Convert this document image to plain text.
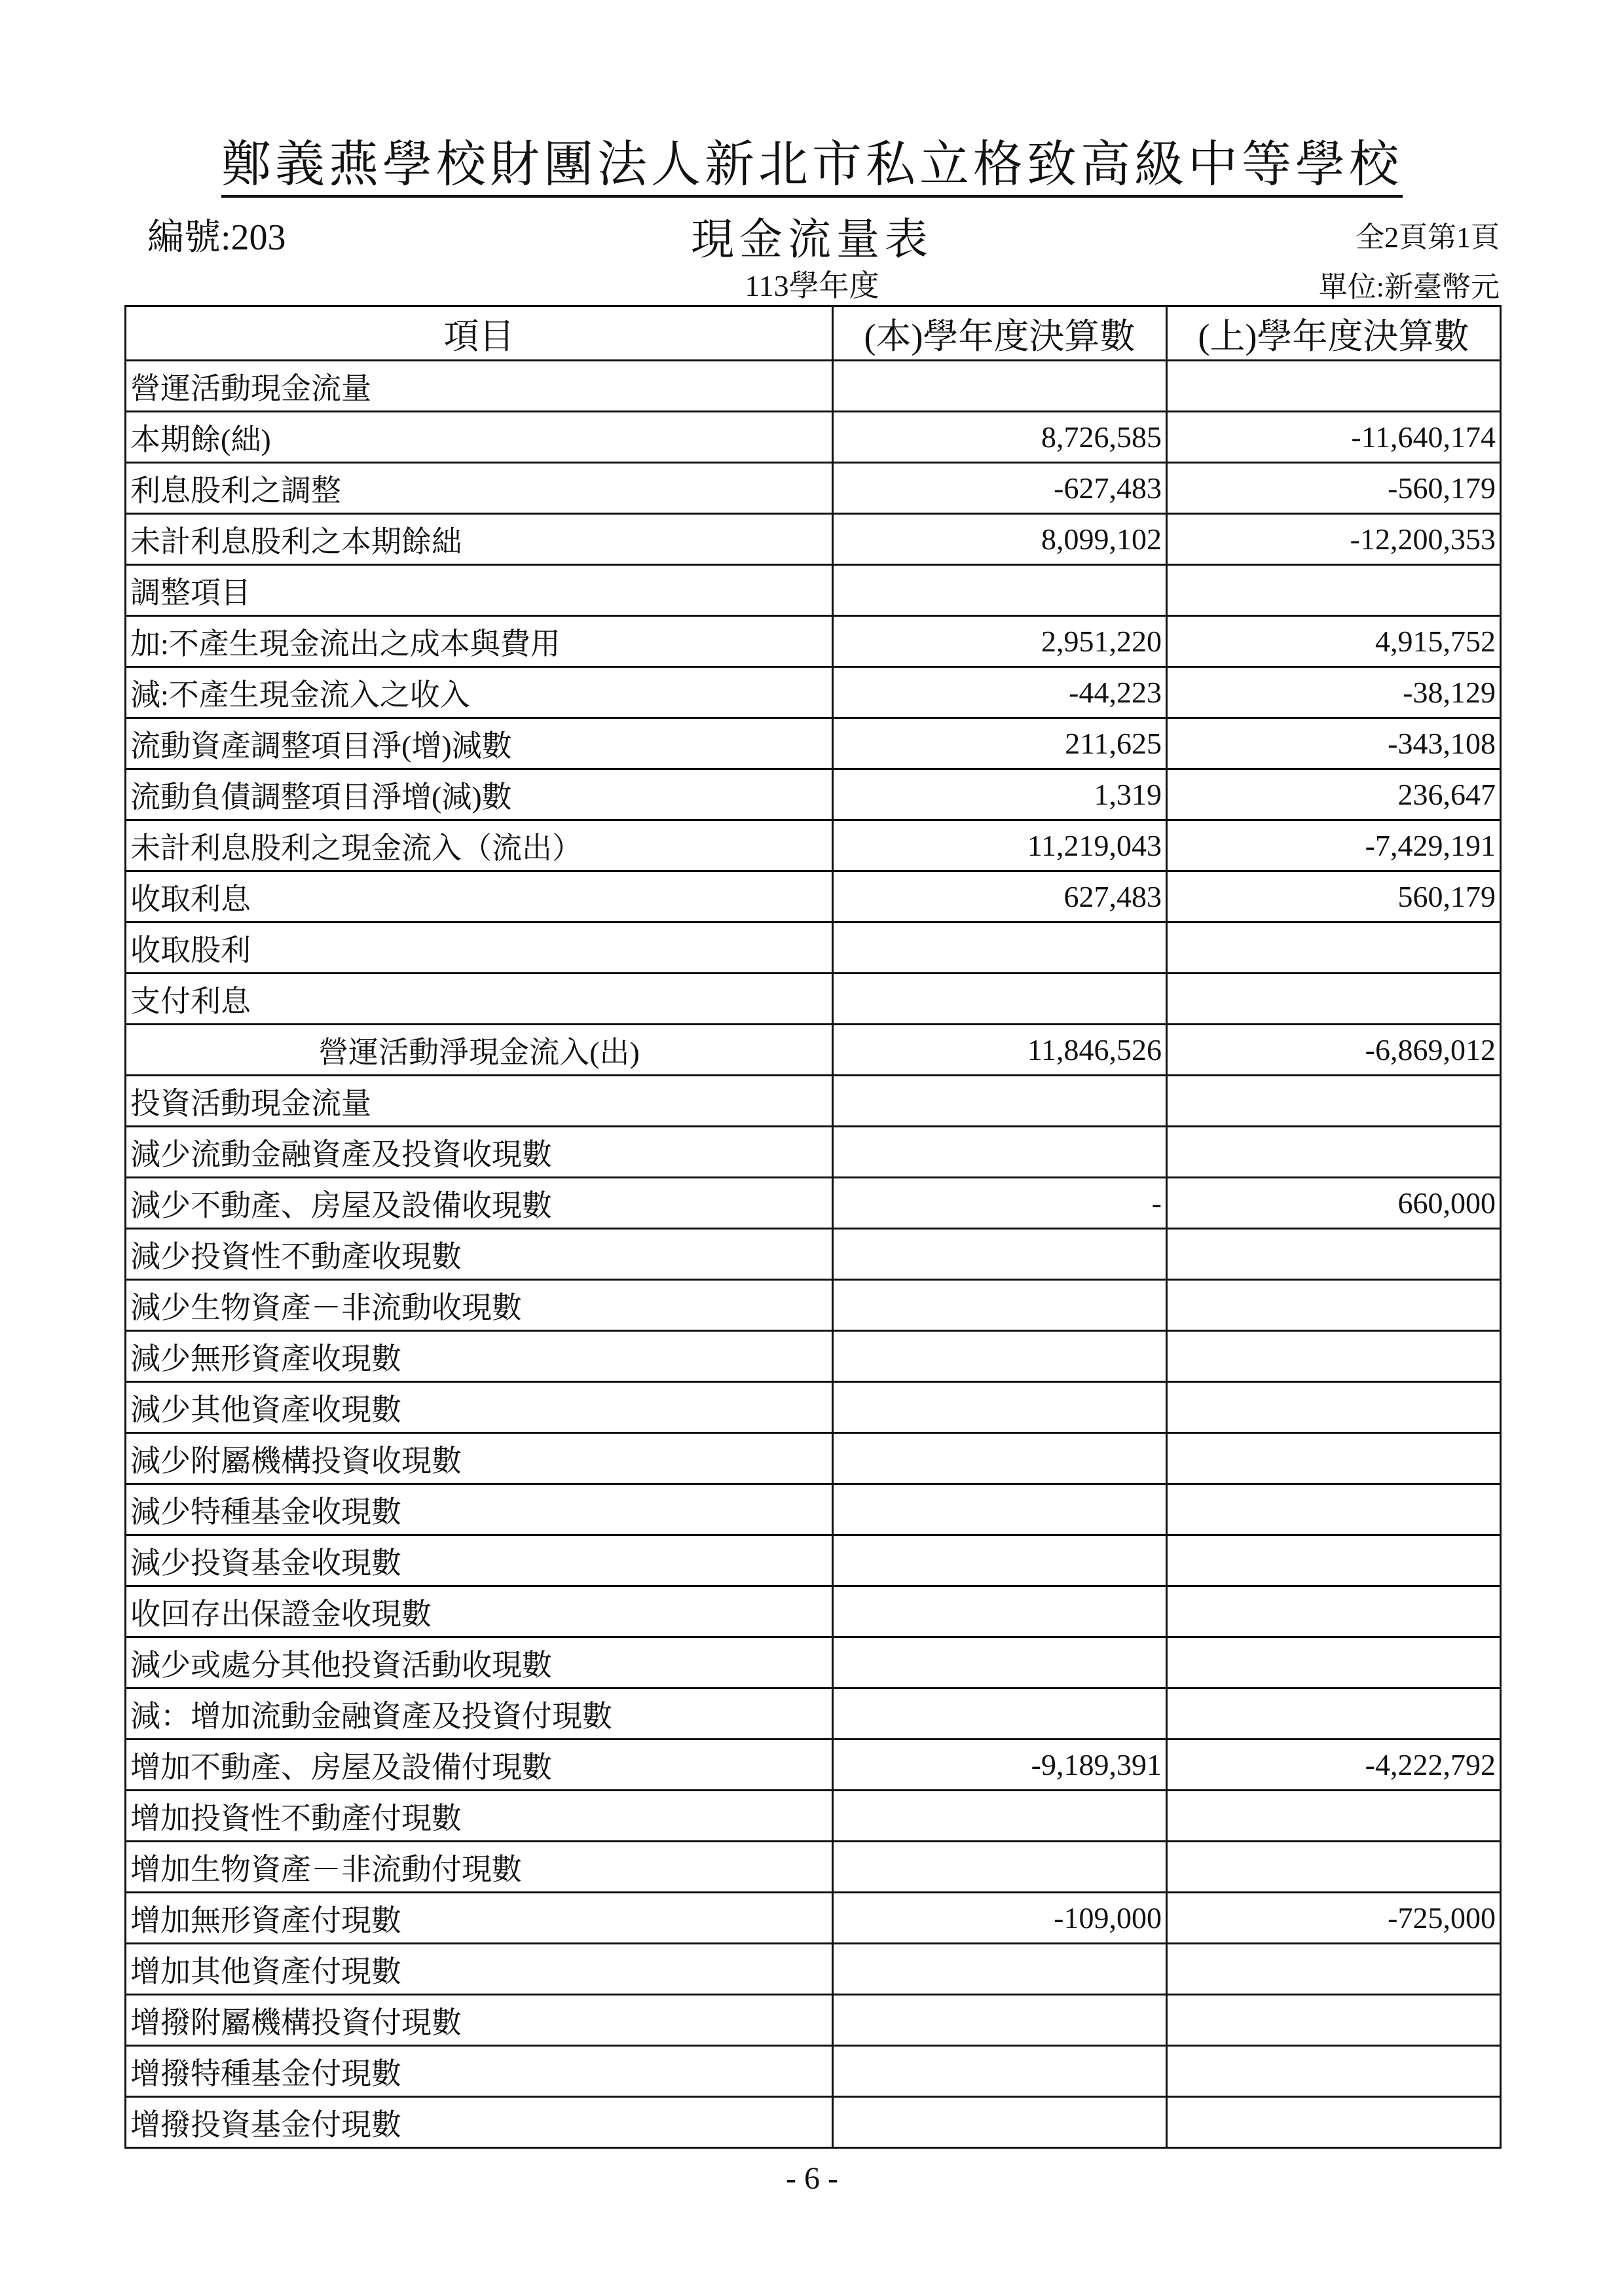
鄭義燕學校財團法人新北市私立格致高級中等學校
編號:203	現金流量表	全2頁第1頁
113學年度	單位:新臺幣元
項目	(本)學年度決算數	(上)學年度決算數
營運活動現金流量		
本期餘(絀)	8,726,585	-11,640,174
利息股利之調整	-627,483	-560,179
未計利息股利之本期餘絀	8,099,102	-12,200,353
調整項目		
加:不產生現金流出之成本與費用	2,951,220	4,915,752
減:不產生現金流入之收入	-44,223	-38,129
流動資產調整項目淨(增)減數	211,625	-343,108
流動負債調整項目淨增(減)數	1,319	236,647
未計利息股利之現金流入（流出）	11,219,043	-7,429,191
收取利息	627,483	560,179
收取股利		
支付利息		
營運活動淨現金流入(出)	11,846,526	-6,869,012
投資活動現金流量		
減少流動金融資產及投資收現數		
減少不動產、房屋及設備收現數	-	660,000
減少投資性不動產收現數		
減少生物資產－非流動收現數		
減少無形資產收現數		
減少其他資產收現數		
減少附屬機構投資收現數		
減少特種基金收現數		
減少投資基金收現數		
收回存出保證金收現數		
減少或處分其他投資活動收現數		
減：增加流動金融資產及投資付現數		
增加不動產、房屋及設備付現數	-9,189,391	-4,222,792
增加投資性不動產付現數		
增加生物資產－非流動付現數		
增加無形資產付現數	-109,000	-725,000
增加其他資產付現數		
增撥附屬機構投資付現數		
增撥特種基金付現數		
增撥投資基金付現數		
- 6 -
